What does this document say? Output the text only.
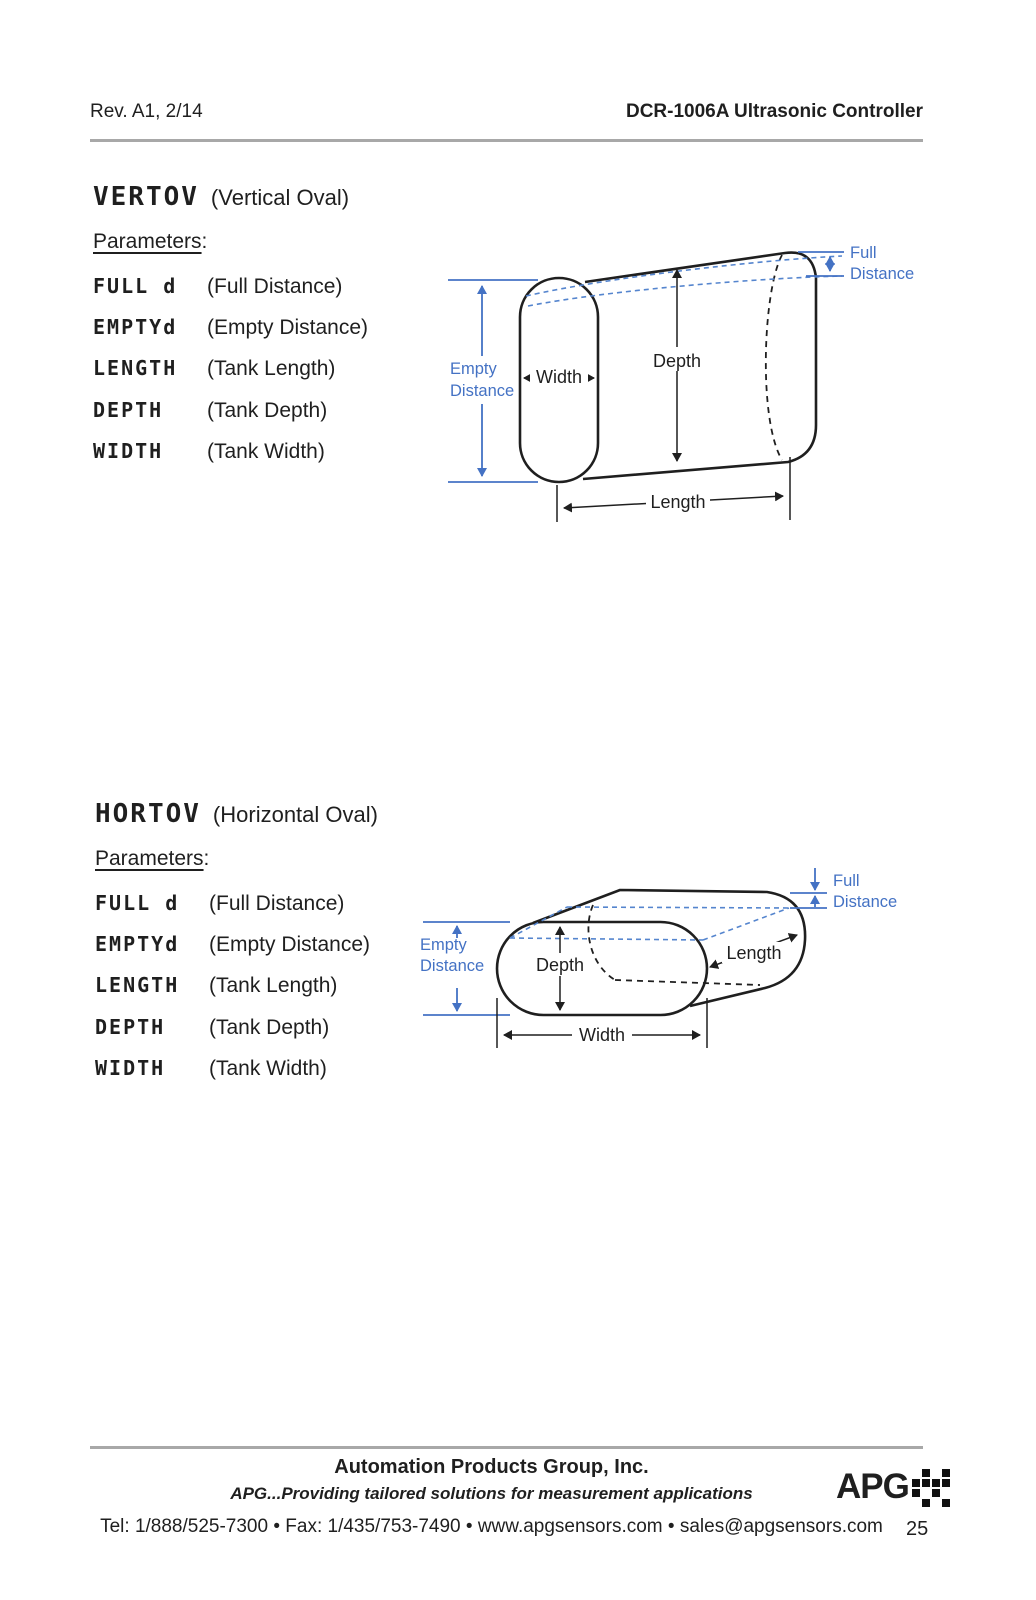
Rev. A1, 2/14	DCR-1006A Ultrasonic Controller
VERTOV (Vertical Oval)
Parameters:
FULL d	(Full Distance)
EMPTYd	(Empty Distance)
LENGTH	(Tank Length)
DEPTH	(Tank Depth)
WIDTH	(Tank Width)
Full
Distance
Empty
Distance
Width
Depth
Length
HORTOV (Horizontal Oval)
Parameters:
FULL d	(Full Distance)
EMPTYd	(Empty Distance)
LENGTH	(Tank Length)
DEPTH	(Tank Depth)
WIDTH	(Tank Width)
Full
Distance
Empty
Distance	Depth
Length
Width
Automation Products Group, Inc.
APG...Providing tailored solutions for measurement applications
Tel: 1/888/525-7300 • Fax: 1/435/753-7490 • www.apgsensors.com • sales@apgsensors.com
APG
25
